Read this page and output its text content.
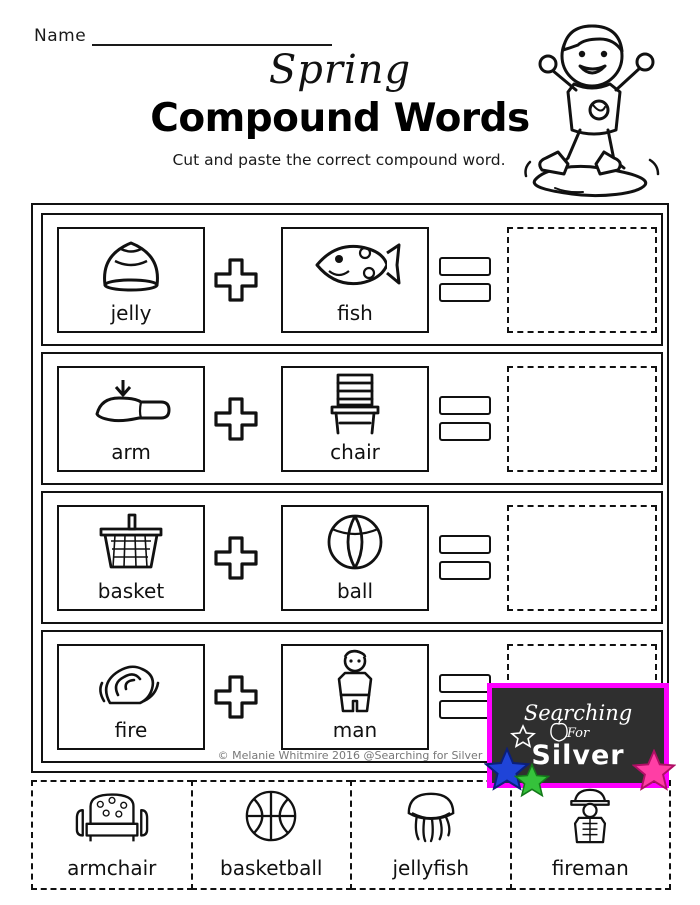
Name
Spring
Compound Words
Cut and paste the correct compound word.
jelly	fish
arm	chair
basket	ball
fire	man
© Melanie Whitmire 2016 @Searching for Silver
armchair	basketball	jellyfish	fireman
Searching
For
Silver
